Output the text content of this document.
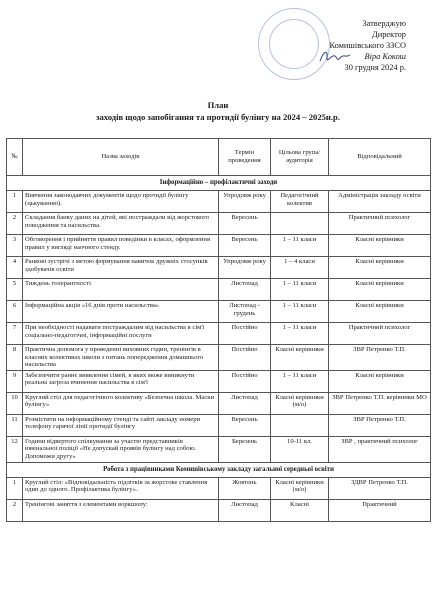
Затверджую
Директор
Комишівського ЗЗСО
Віра Кокош
30 грудня 2024 р.
План
заходів щодо запобігання та протидії булінгу на 2024 – 2025н.р.
№	Назва заходів	Термін проведення	Цільова група/ аудиторія	Відповідальний
Інформаційно – профілактичні заходи				
1	Вивчення законодавчих документів щодо протидії булінгу (цькуванню).	Упродовж року	Педагогічний колектив	Адміністрація закладу освіти
2	Складання банку даних на дітей, які постраждали від жорстокого поводження та насильства.	Вересень		Практичний психолог
3	Обговорення і прийняття правил поведінки в класах, оформлення правил у вигляді наочного стенду.	Вересень	1 – 11 класи	Класні керівники
4	Ранкові зустрічі з метою формування навичок дружніх стосунків здобувачів освіти	Упродовж року	1 – 4 класи	Класні керівники
5	Тиждень толерантності	Листопад	1 – 11 класи	Класні керівники
6	Інформаційна акція «16 днів проти насильства»	Листопад - грудень	1 – 11 класи	Класні керівники
7	При необхідності надавати постраждалим від насильства в сім'ї соціально-педагогічні, інформаційні послуги	Постійно	1 – 11 класи	Практичний психолог
8	Практична допомога у проведенні виховних годин, тренінгів в класних колективах школи з питань попередження домашнього насильства	Постійно	Класні керівники	ЗВР Петренко Т.П.
9	Забезпечити раннє виявлення сімей, в яких може виникнути реальна загроза вчинення насильства в сім'ї	Постійно	1 – 11 класи	Класні керівники
10	Круглий стіл для педагогічного колективу «Безпечна школа. Маски булінгу»	Листопад	Класні керівники (м/о)	ЗВР Петренко Т.П. керівники МО
11	Розмістити на інформаційному стенді та сайті закладу номери телефону гарячої лінії протидії булінгу	Вересень		ЗВР Петренко Т.П.
12	Години відвертого спілкування за участю представників ювенальної поліції «Не допускай проявів булінгу над собою. Допоможи другу»	Березень	10-11 кл.	ЗВР , практичний психолог
Робота з працівниками Комишівському закладу загальної середньої освіти				
1	Круглий стіл: «Відповідальність підлітків за жорстоке ставлення один до одного. Профілактика булінгу».	Жовтень	Класні керівники (м/о)	ЗДВР Петренко Т.П.
2	Тренінгові заняття з елементами воркшопу:	Листопад	Класні	Практичний
